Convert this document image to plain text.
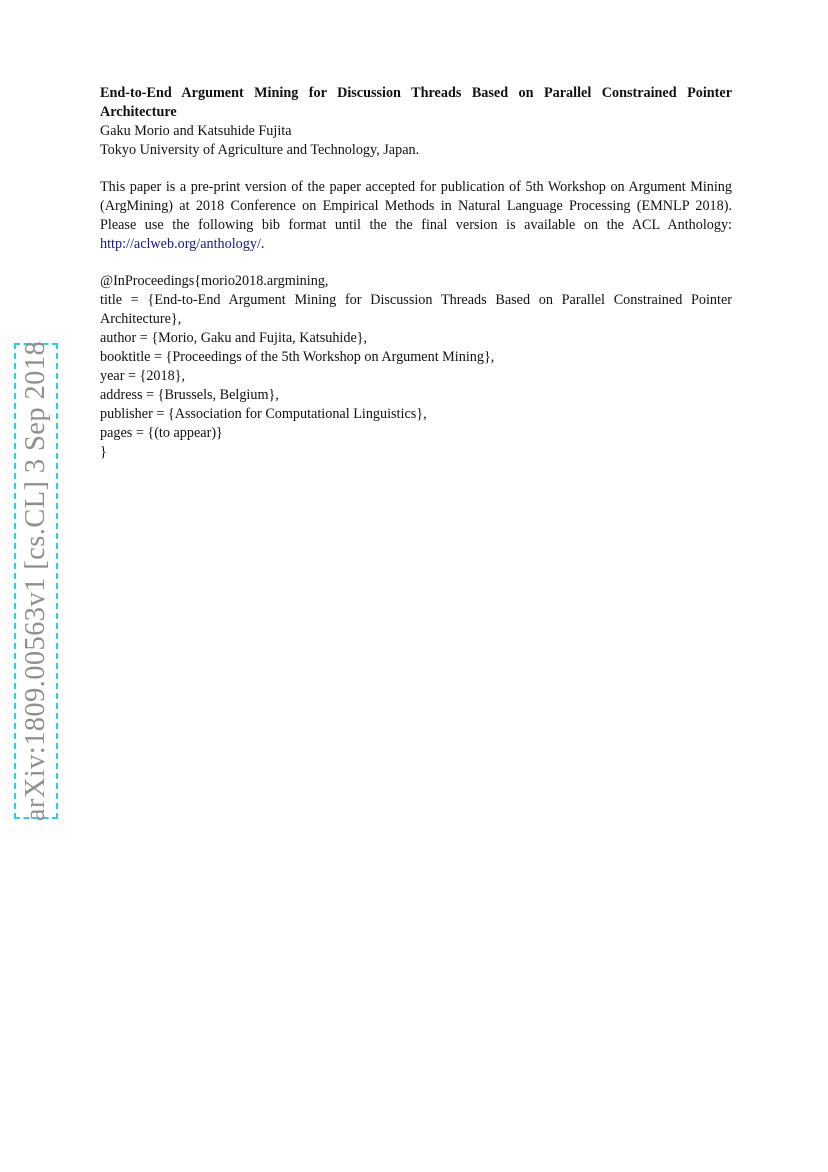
arXiv:1809.00563v1 [cs.CL] 3 Sep 2018

End-to-End Argument Mining for Discussion Threads Based on Parallel Constrained Pointer Architecture

Gaku Morio and Katsuhide Fujita

Tokyo University of Agriculture and Technology, Japan.

This paper is a pre-print version of the paper accepted for publication of 5th Workshop on Argument Mining (ArgMining) at 2018 Conference on Empirical Methods in Natural Language Processing (EMNLP 2018). Please use the following bib format until the the final version is available on the ACL Anthology: http://aclweb.org/anthology/.

@InProceedings{morio2018.argmining,

title = {End-to-End Argument Mining for Discussion Threads Based on Parallel Constrained Pointer Architecture},

author = {Morio, Gaku and Fujita, Katsuhide},

booktitle = {Proceedings of the 5th Workshop on Argument Mining},

year = {2018},

address = {Brussels, Belgium},

publisher = {Association for Computational Linguistics},

pages = {(to appear)}

}
